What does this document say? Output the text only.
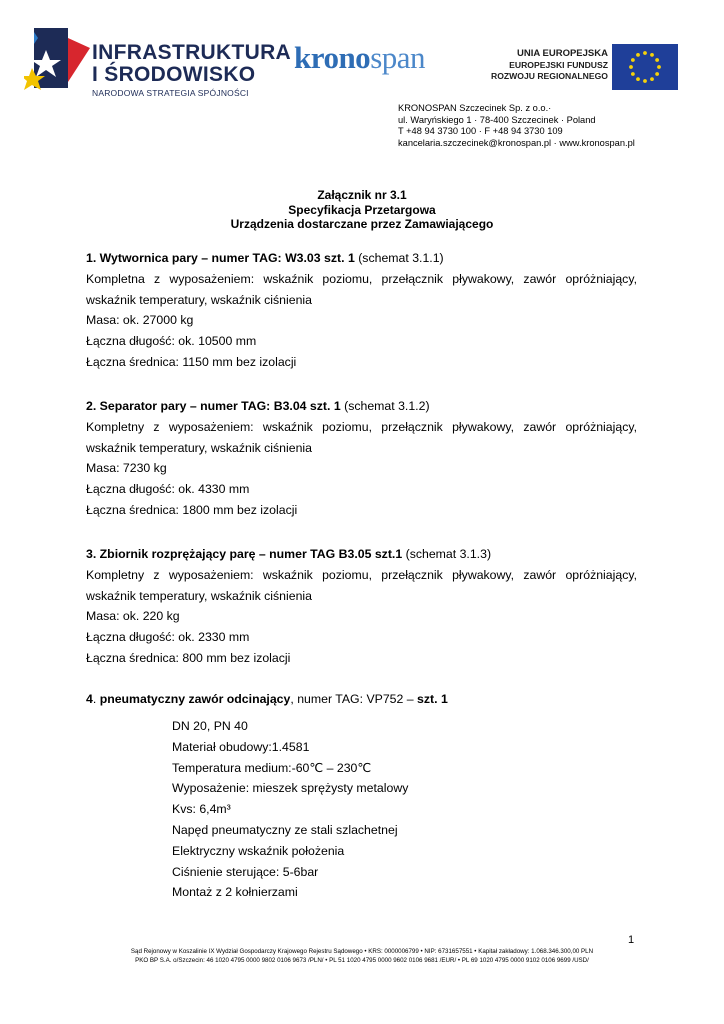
INFRASTRUKTURA
I ŚRODOWISKO
NARODOWA STRATEGIA SPÓJNOŚCI
kronospan	UNIA EUROPEJSKA
EUROPEJSKI FUNDUSZ
ROZWOJU REGIONALNEGO
KRONOSPAN Szczecinek Sp. z o.o.·
ul. Waryńskiego 1 · 78-400 Szczecinek · Poland
T +48 94 3730 100 · F +48 94 3730 109
kancelaria.szczecinek@kronospan.pl · www.kronospan.pl
Załącznik nr 3.1
Specyfikacja Przetargowa
Urządzenia dostarczane przez Zamawiającego
1. Wytwornica pary – numer TAG: W3.03 szt. 1 (schemat 3.1.1)
Kompletna z wyposażeniem: wskaźnik poziomu, przełącznik pływakowy, zawór opróżniający,
wskaźnik temperatury, wskaźnik ciśnienia
Masa: ok. 27000 kg
Łączna długość: ok. 10500 mm
Łączna średnica: 1150 mm bez izolacji
2. Separator pary – numer TAG: B3.04 szt. 1 (schemat 3.1.2)
Kompletny z wyposażeniem: wskaźnik poziomu, przełącznik pływakowy, zawór opróżniający,
wskaźnik temperatury, wskaźnik ciśnienia
Masa: 7230 kg
Łączna długość: ok. 4330 mm
Łączna średnica: 1800 mm bez izolacji
3. Zbiornik rozprężający parę – numer TAG B3.05 szt.1 (schemat 3.1.3)
Kompletny z wyposażeniem: wskaźnik poziomu, przełącznik pływakowy, zawór opróżniający,
wskaźnik temperatury, wskaźnik ciśnienia
Masa: ok. 220 kg
Łączna długość: ok. 2330 mm
Łączna średnica: 800 mm bez izolacji
4. pneumatyczny zawór odcinający, numer TAG: VP752 – szt. 1
DN 20, PN 40
Materiał obudowy:1.4581
Temperatura medium:-60℃ – 230℃
Wyposażenie: mieszek sprężysty metalowy
Kvs: 6,4m³
Napęd pneumatyczny ze stali szlachetnej
Elektryczny wskaźnik położenia
Ciśnienie sterujące: 5-6bar
Montaż z 2 kołnierzami
1
Sąd Rejonowy w Koszalinie IX Wydział Gospodarczy Krajowego Rejestru Sądowego • KRS: 0000006799 • NIP: 6731657551 • Kapitał zakładowy: 1.068.346.300,00 PLN
PKO BP S.A. o/Szczecin: 46 1020 4795 0000 9802 0106 9673 /PLN/ • PL 51 1020 4795 0000 9602 0106 9681 /EUR/ • PL 69 1020 4795 0000 9102 0106 9699 /USD/
